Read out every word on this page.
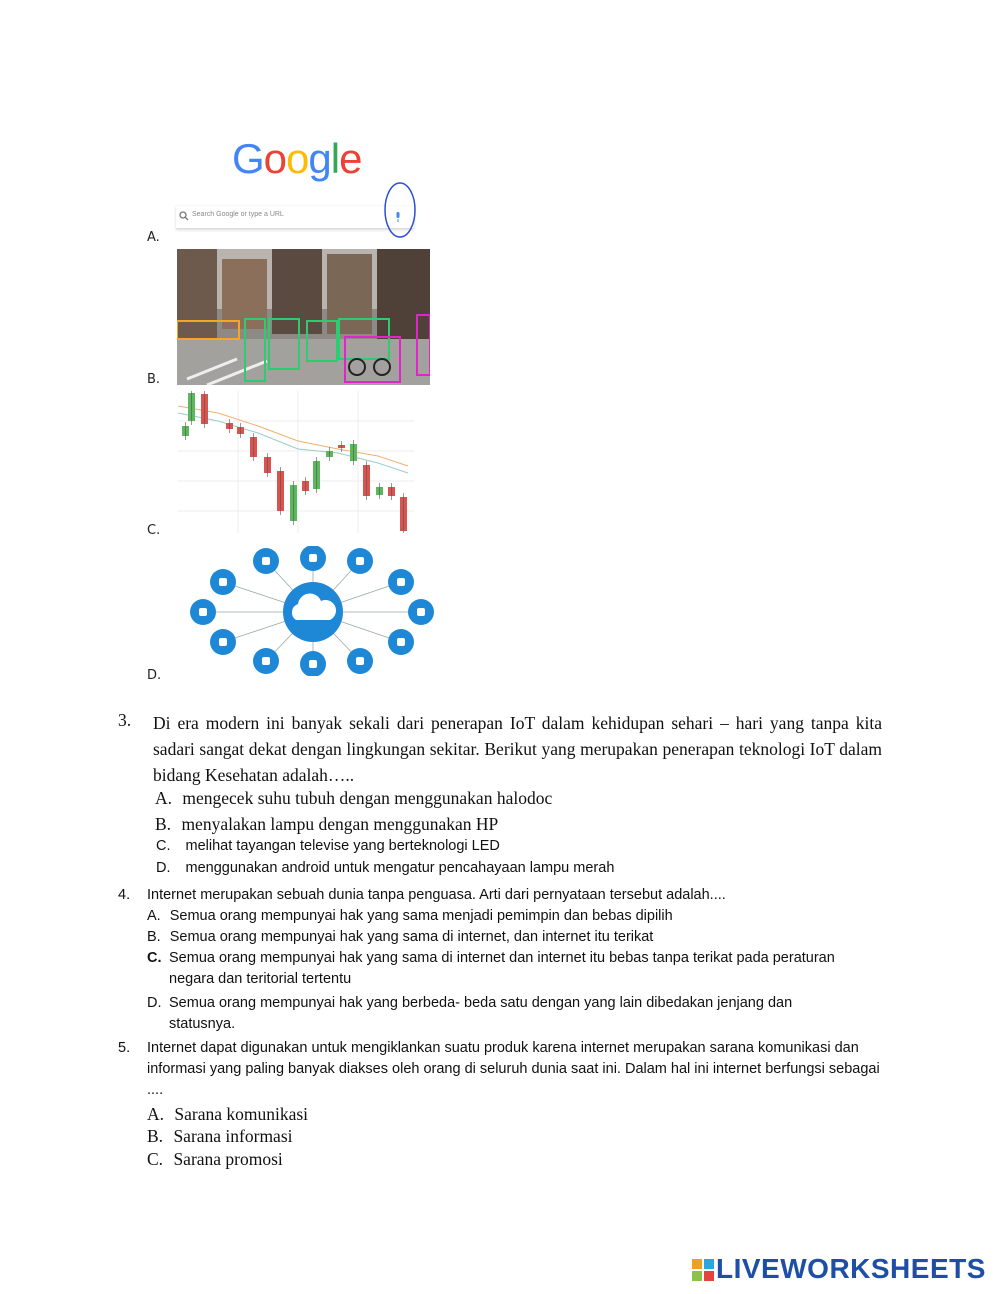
A.
Google
Search Google or type a URL
B.
C.
D.
3. Di era modern ini banyak sekali dari penerapan IoT dalam kehidupan sehari – hari yang tanpa kita sadari sangat dekat dengan lingkungan sekitar. Berikut yang merupakan penerapan teknologi IoT dalam bidang Kesehatan adalah…..
A. mengecek suhu tubuh dengan menggunakan halodoc
B. menyalakan lampu dengan menggunakan HP
C. melihat tayangan televise yang berteknologi LED
D. menggunakan android untuk mengatur pencahayaan lampu merah
4. Internet merupakan sebuah dunia tanpa penguasa. Arti dari pernyataan tersebut adalah....
A. Semua orang mempunyai hak yang sama menjadi pemimpin dan bebas dipilih
B. Semua orang mempunyai hak yang sama di internet, dan internet itu terikat
C. Semua orang mempunyai hak yang sama di internet dan internet itu bebas tanpa terikat pada peraturan negara dan teritorial tertentu
D. Semua orang mempunyai hak yang berbeda- beda satu dengan yang lain dibedakan jenjang dan statusnya.
5. Internet dapat digunakan untuk mengiklankan suatu produk karena internet merupakan sarana komunikasi dan informasi yang paling banyak diakses oleh orang di seluruh dunia saat ini. Dalam hal ini internet berfungsi sebagai ....
A. Sarana komunikasi
B. Sarana informasi
C. Sarana promosi
LIVEWORKSHEETS
